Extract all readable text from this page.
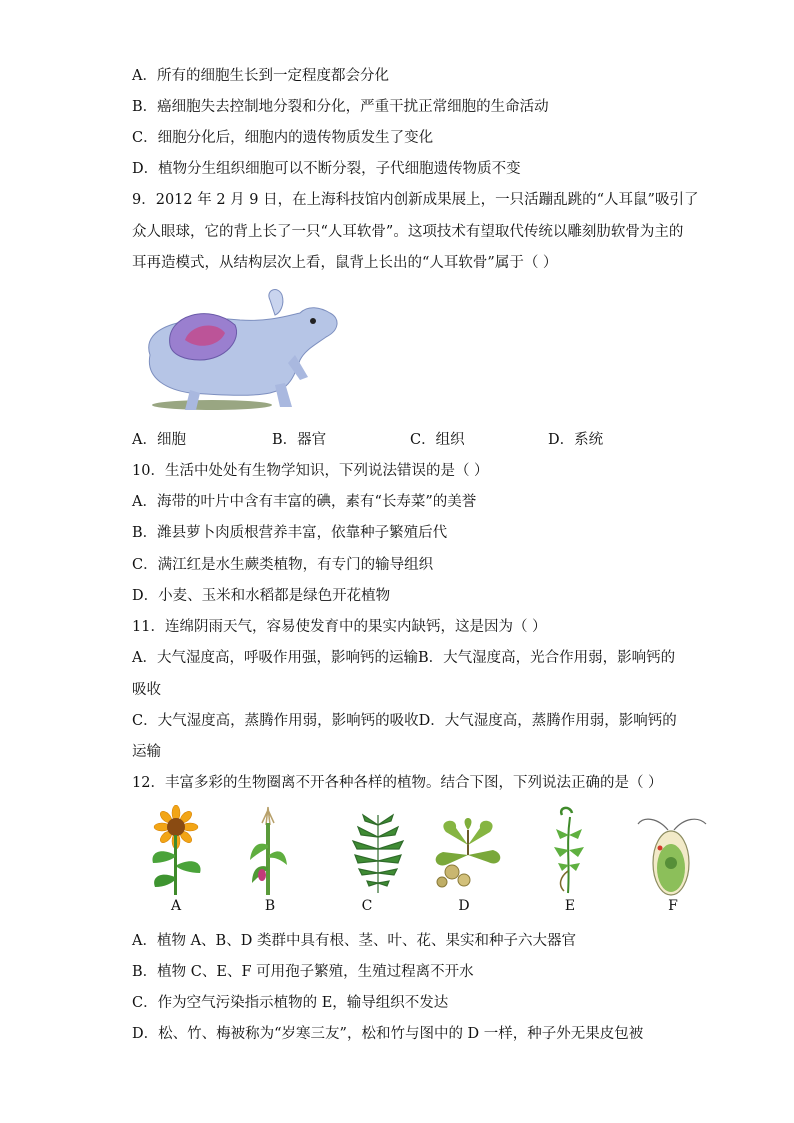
A．所有的细胞生长到一定程度都会分化
B．癌细胞失去控制地分裂和分化，严重干扰正常细胞的生命活动
C．细胞分化后，细胞内的遗传物质发生了变化
D．植物分生组织细胞可以不断分裂，子代细胞遗传物质不变
9．2012 年 2 月 9 日，在上海科技馆内创新成果展上，一只活蹦乱跳的“人耳鼠”吸引了
众人眼球，它的背上长了一只“人耳软骨”。这项技术有望取代传统以雕刻肋软骨为主的
耳再造模式，从结构层次上看，鼠背上长出的“人耳软骨”属于（ ）
A．细胞	B．器官	C．组织	D．系统
10．生活中处处有生物学知识，下列说法错误的是（ ）
A．海带的叶片中含有丰富的碘，素有“长寿菜”的美誉
B．潍县萝卜肉质根营养丰富，依靠种子繁殖后代
C．满江红是水生蕨类植物，有专门的输导组织
D．小麦、玉米和水稻都是绿色开花植物
11．连绵阴雨天气，容易使发育中的果实内缺钙，这是因为（ ）
A．大气湿度高，呼吸作用强，影响钙的运输B．大气湿度高，光合作用弱，影响钙的
吸收
C．大气湿度高，蒸腾作用弱，影响钙的吸收D．大气湿度高，蒸腾作用弱，影响钙的
运输
12．丰富多彩的生物圈离不开各种各样的植物。结合下图，下列说法正确的是（ ）
A	B	C	D	E	F
A．植物 A、B、D 类群中具有根、茎、叶、花、果实和种子六大器官
B．植物 C、E、F 可用孢子繁殖，生殖过程离不开水
C．作为空气污染指示植物的 E，输导组织不发达
D．松、竹、梅被称为“岁寒三友”，松和竹与图中的 D 一样，种子外无果皮包被
